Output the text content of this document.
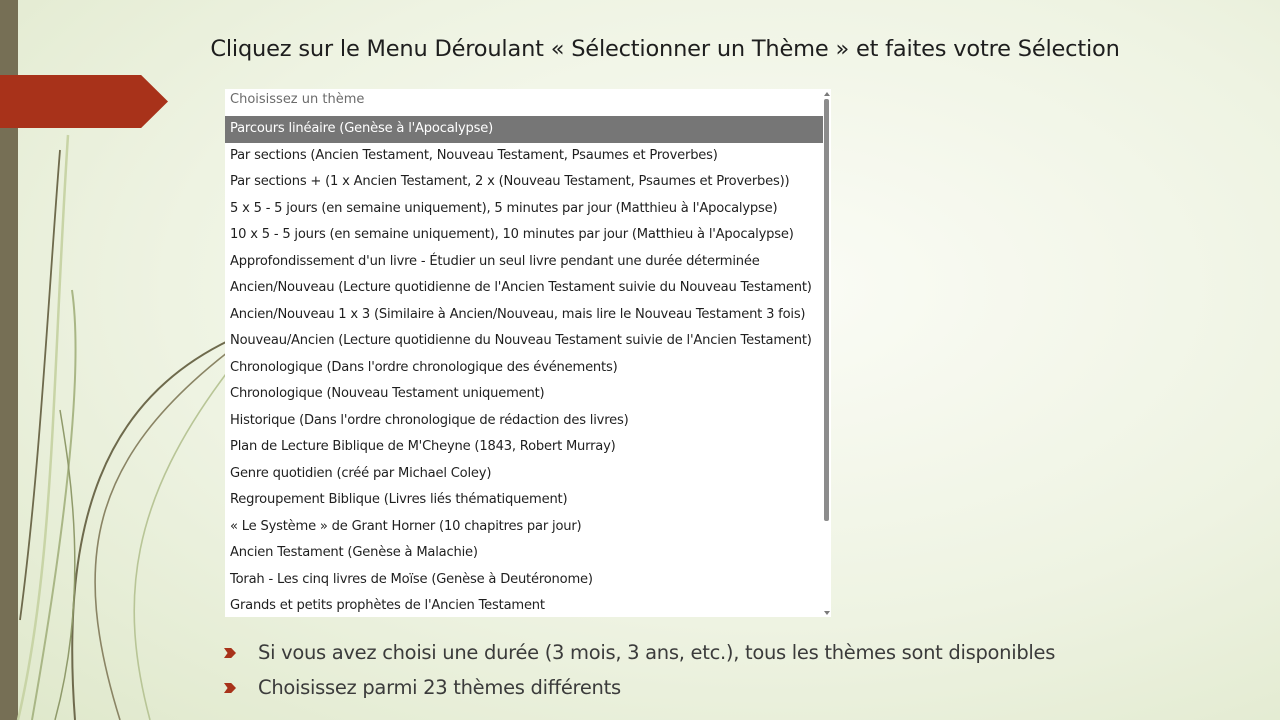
Cliquez sur le Menu Déroulant « Sélectionner un Thème » et faites votre Sélection
Choisissez un thème
Parcours linéaire (Genèse à l'Apocalypse)
Par sections (Ancien Testament, Nouveau Testament, Psaumes et Proverbes)
Par sections + (1 x Ancien Testament, 2 x (Nouveau Testament, Psaumes et Proverbes))
5 x 5 - 5 jours (en semaine uniquement), 5 minutes par jour (Matthieu à l'Apocalypse)
10 x 5 - 5 jours (en semaine uniquement), 10 minutes par jour (Matthieu à l'Apocalypse)
Approfondissement d'un livre - Étudier un seul livre pendant une durée déterminée
Ancien/Nouveau (Lecture quotidienne de l'Ancien Testament suivie du Nouveau Testament)
Ancien/Nouveau 1 x 3 (Similaire à Ancien/Nouveau, mais lire le Nouveau Testament 3 fois)
Nouveau/Ancien (Lecture quotidienne du Nouveau Testament suivie de l'Ancien Testament)
Chronologique (Dans l'ordre chronologique des événements)
Chronologique (Nouveau Testament uniquement)
Historique (Dans l'ordre chronologique de rédaction des livres)
Plan de Lecture Biblique de M'Cheyne (1843, Robert Murray)
Genre quotidien (créé par Michael Coley)
Regroupement Biblique (Livres liés thématiquement)
« Le Système » de Grant Horner (10 chapitres par jour)
Ancien Testament (Genèse à Malachie)
Torah - Les cinq livres de Moïse (Genèse à Deutéronome)
Grands et petits prophètes de l'Ancien Testament
Si vous avez choisi une durée (3 mois, 3 ans, etc.), tous les thèmes sont disponibles
Choisissez parmi 23 thèmes différents
